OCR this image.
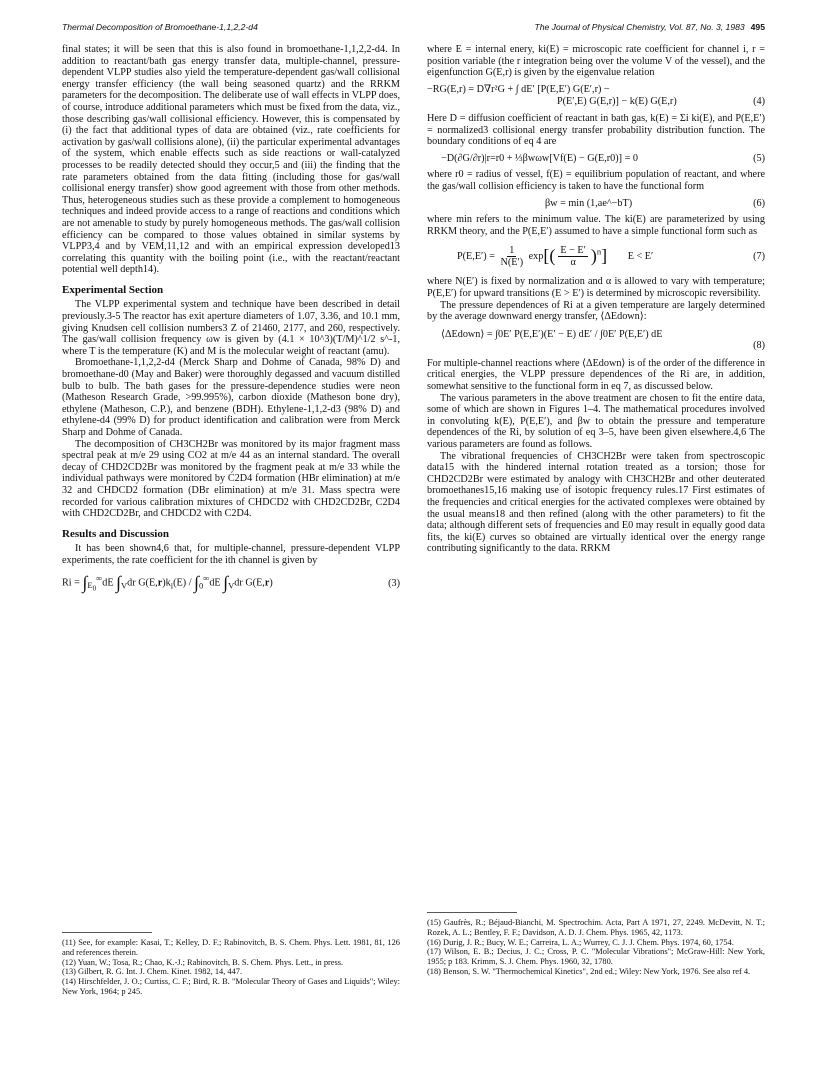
Thermal Decomposition of Bromoethane-1,1,2,2-d4	The Journal of Physical Chemistry, Vol. 87, No. 3, 1983 495

final states; it will be seen that this is also found in bromoethane-1,1,2,2-d4. In addition to reactant/bath gas energy transfer data, multiple-channel, pressure-dependent VLPP studies also yield the temperature-dependent gas/wall collisional energy transfer efficiency (the wall being seasoned quartz) and the RRKM parameters for the decomposition. The deliberate use of wall effects in VLPP does, of course, introduce additional parameters which must be fixed from the data, viz., those describing gas/wall collisional efficiency. However, this is compensated by (i) the fact that additional types of data are obtained (viz., rate coefficients for activation by gas/wall collisions alone), (ii) the particular experimental advantages of the system, which enable effects such as side reactions or wall-catalyzed processes to be readily detected should they occur,5 and (iii) the finding that the rate parameters obtained from the data fitting (including those for gas/wall collisional energy transfer) show good agreement with those from other methods. Thus, heterogeneous studies such as these provide a complement to homogeneous techniques and indeed provide access to a range of reactions and conditions which are not amenable to study by purely homogeneous methods. The gas/wall collision efficiency can be compared to those values obtained in similar systems by VLPP3,4 and by VEM,11,12 and with an empirical expression developed13 correlating this quantity with the boiling point (i.e., with the reactant/reactant potential well depth14).

Experimental Section

The VLPP experimental system and technique have been described in detail previously.3-5 The reactor has exit aperture diameters of 1.07, 3.36, and 10.1 mm, giving Knudsen cell collision numbers3 Z of 21460, 2177, and 260, respectively. The gas/wall collision frequency ωw is given by (4.1 × 10^3)(T/M)^1/2 s^-1, where T is the temperature (K) and M is the molecular weight of reactant (amu).

Bromoethane-1,1,2,2-d4 (Merck Sharp and Dohme of Canada, 98% D) and bromoethane-d0 (May and Baker) were thoroughly degassed and vacuum distilled bulb to bulb. The bath gases for the pressure-dependence studies were neon (Matheson Research Grade, >99.995%), carbon dioxide (Matheson bone dry), ethylene (Matheson, C.P.), and benzene (BDH). Ethylene-1,1,2-d3 (98% D) and ethylene-d4 (99% D) for product identification and calibration were from Merck Sharp and Dohme of Canada.

The decomposition of CH3CH2Br was monitored by its major fragment mass spectral peak at m/e 29 using CO2 at m/e 44 as an internal standard. The overall decay of CHD2CD2Br was monitored by the fragment peak at m/e 33 while the individual pathways were monitored by C2D4 formation (HBr elimination) at m/e 32 and CHDCD2 formation (DBr elimination) at m/e 31. Mass spectra were recorded for various calibration mixtures of CHDCD2 with CHD2CD2Br, C2D4 with CHD2CD2Br, and CHDCD2 with C2D4.

Results and Discussion

It has been shown4,6 that, for multiple-channel, pressure-dependent VLPP experiments, the rate coefficient for the ith channel is given by

$Ri = \int_{E_0}^\infty dE$ $\int_Vdr$ $G(E,r)k_i(E) / \int_0^\infty dE$ $\int_Vdr$ G(E,r)	(3)

(11) See, for example: Kasai, T.; Kelley, D. F.; Rabinovitch, B. S. Chem. Phys. Lett. 1981, 81, 126 and references therein.

(12) Yuan, W.; Tosa, R.; Chao, K.-J.; Rabinovitch, B. S. Chem. Phys. Lett., in press.

(13) Gilbert, R. G. Int. J. Chem. Kinet. 1982, 14, 447.

(14) Hirschfelder, J. O.; Curtiss, C. F.; Bird, R. B. "Molecular Theory of Gases and Liquids"; Wiley: New York, 1964; p 245.

where E = internal enery, ki(E) = microscopic rate coefficient for channel i, r = position variable (the r integration being over the volume V of the vessel), and the eigenfunction G(E,r) is given by the eigenvalue relation

−RG(E,r) = D∇r²G + ∫ dE′ [P(E,E′) G(E′,r) −
P(E′,E) G(E,r)] − k(E) G(E,r)	(4)

Here D = diffusion coefficient of reactant in bath gas, k(E) = Σi ki(E), and P(E,E′) = normalized3 collisional energy transfer probability distribution function. The boundary conditions of eq 4 are

−D(∂G/∂r)|r=r0 + ⅓βwωw[Vf(E) − G(E,r0)] = 0	(5)

where r0 = radius of vessel, f(E) = equilibrium population of reactant, and where the gas/wall collision efficiency is taken to have the functional form

βw = min (1,ae^−bT)	(6)

where min refers to the minimum value. The ki(E) are parameterized by using RRKM theory, and the P(E,E′) assumed to have a simple functional form such as

$P(E,E') = \frac{1}{N(E')} \exp[( \frac{E - E'}{\alpha} )^n] E < E'$	(7)

where N(E′) is fixed by normalization and α is allowed to vary with temperature; P(E,E′) for upward transitions (E > E′) is determined by microscopic reversibility.

The pressure dependences of Ri at a given temperature are largely determined by the average downward energy transfer, ⟨ΔEdown⟩:

⟨ΔEdown⟩ = ∫0E′ P(E,E′)(E′ − E) dE′ / ∫0E′ P(E,E′) dE
(8)

For multiple-channel reactions where ⟨ΔEdown⟩ is of the order of the difference in critical energies, the VLPP pressure dependences of the Ri are, in addition, somewhat sensitive to the functional form in eq 7, as discussed below.

The various parameters in the above treatment are chosen to fit the entire data, some of which are shown in Figures 1–4. The mathematical procedures involved in convoluting k(E), P(E,E′), and βw to obtain the pressure and temperature dependences of the Ri, by solution of eq 3–5, have been given elsewhere.4,6 The various parameters are found as follows.

The vibrational frequencies of CH3CH2Br were taken from spectroscopic data15 with the hindered internal rotation treated as a torsion; those for CHD2CD2Br were estimated by analogy with CH3CH2Br and other deuterated bromoethanes15,16 making use of isotopic frequency rules.17 First estimates of the frequencies and critical energies for the activated complexes were obtained by the usual means18 and then refined (along with the other parameters) to fit the data; although different sets of frequencies and E0 may result in equally good data fits, the ki(E) curves so obtained are virtually identical over the energy range contributing significantly to the data. RRKM

(15) Gaufrès, R.; Béjaud-Bianchi, M. Spectrochim. Acta, Part A 1971, 27, 2249. McDevitt, N. T.; Rozek, A. L.; Bentley, F. F.; Davidson, A. D. J. Chem. Phys. 1965, 42, 1173.

(16) Durig, J. R.; Bucy, W. E.; Carreira, L. A.; Wurrey, C. J. J. Chem. Phys. 1974, 60, 1754.

(17) Wilson, E. B.; Decius, J. C.; Cross, P. C. "Molecular Vibrations"; McGraw-Hill: New York, 1955; p 183. Krimm, S. J. Chem. Phys. 1960, 32, 1780.

(18) Benson, S. W. "Thermochemical Kinetics", 2nd ed.; Wiley: New York, 1976. See also ref 4.
